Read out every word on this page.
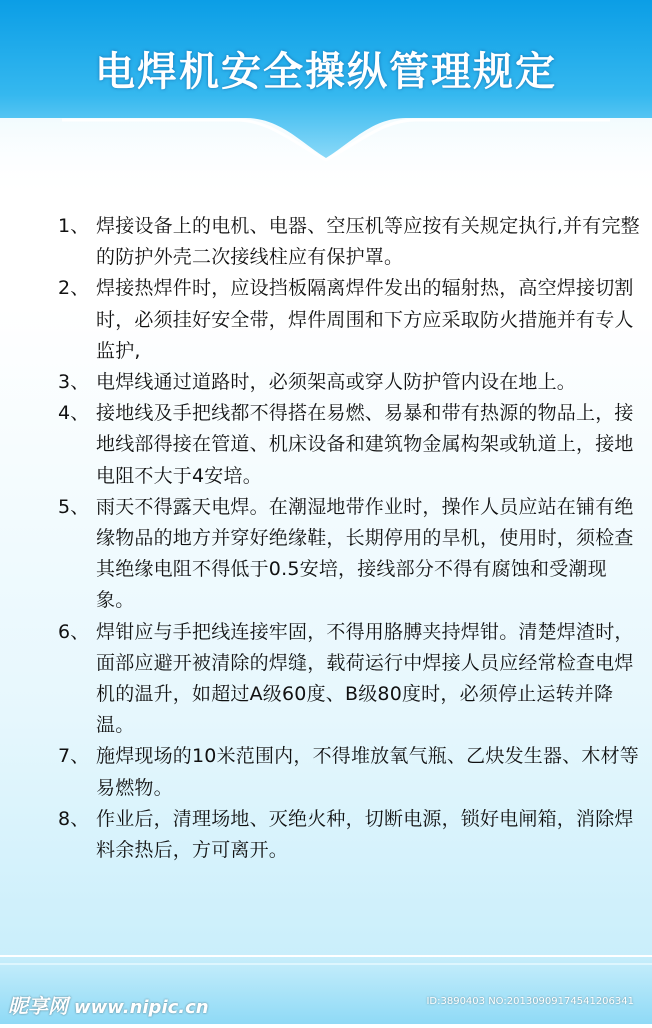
电焊机安全操纵管理规定
1、 焊接设备上的电机、电器、空压机等应按有关规定执行,并有完整的防护外壳二次接线柱应有保护罩。
2、 焊接热焊件时，应设挡板隔离焊件发出的辐射热，高空焊接切割时，必须挂好安全带，焊件周围和下方应采取防火措施并有专人监护,
3、 电焊线通过道路时，必须架高或穿人防护管内设在地上。
4、 接地线及手把线都不得搭在易燃、易暴和带有热源的物品上，接地线部得接在管道、机床设备和建筑物金属构架或轨道上，接地电阻不大于4安培。
5、 雨天不得露天电焊。在潮湿地带作业时，操作人员应站在铺有绝缘物品的地方并穿好绝缘鞋，长期停用的旱机，使用时，须检查其绝缘电阻不得低于0.5安培，接线部分不得有腐蚀和受潮现象。
6、 焊钳应与手把线连接牢固，不得用胳膊夹持焊钳。清楚焊渣时，面部应避开被清除的焊缝，载荷运行中焊接人员应经常检查电焊机的温升，如超过A级60度、B级80度时，必须停止运转并降温。
7、 施焊现场的10米范围内，不得堆放氧气瓶、乙炔发生器、木材等易燃物。
8、 作业后，清理场地、灭绝火种，切断电源，锁好电闸箱，消除焊料余热后，方可离开。
昵享网 www.nipic.cn	ID:3890403 NO:20130909174541206341
